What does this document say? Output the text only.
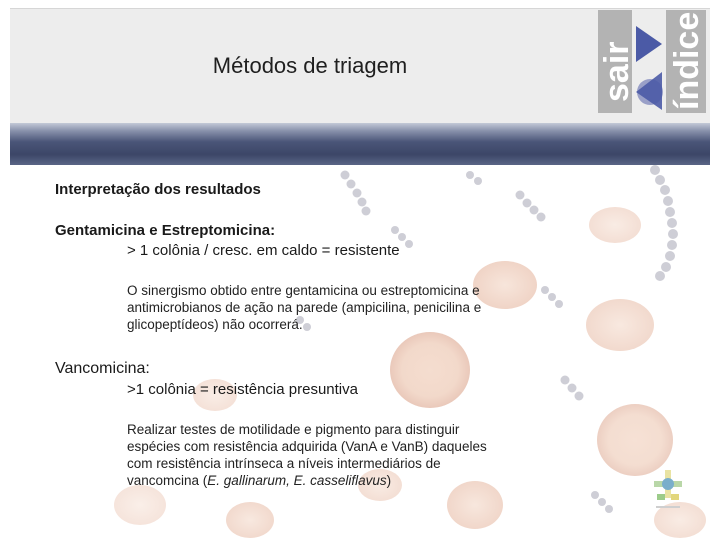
Métodos de triagem	sair índice

Interpretação dos resultados

Gentamicina e Estreptomicina:

> 1 colônia / cresc. em caldo = resistente

O sinergismo obtido entre gentamicina ou estreptomicina e
antimicrobianos de ação na parede (ampicilina, penicilina e
glicopeptídeos) não ocorrerá.

Vancomicina:

>1 colônia = resistência presuntiva

Realizar testes de motilidade e pigmento para distinguir
espécies com resistência adquirida (VanA e VanB) daqueles
com resistência intrínseca a níveis intermediários de
vancomcina (E. gallinarum, E. casseliflavus)
